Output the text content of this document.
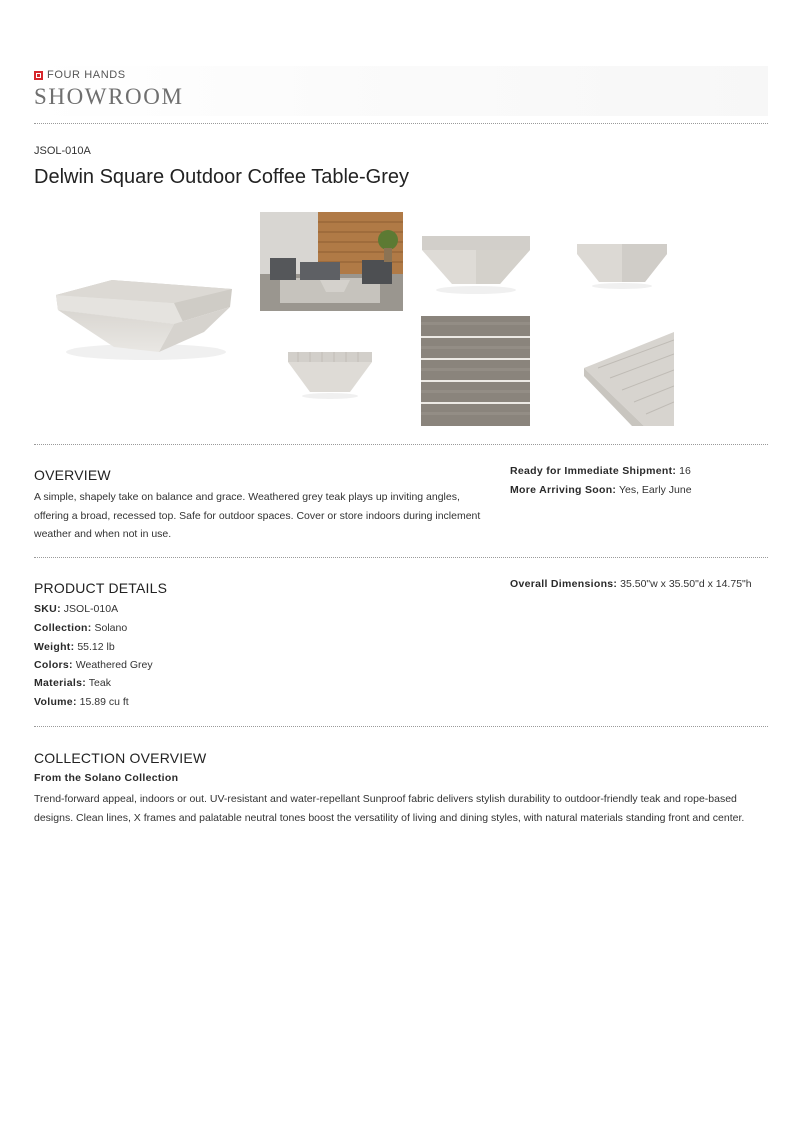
FOUR HANDS
SHOWROOM
JSOL-010A
Delwin Square Outdoor Coffee Table-Grey
OVERVIEW
A simple, shapely take on balance and grace. Weathered grey teak plays up inviting angles, offering a broad, recessed top. Safe for outdoor spaces. Cover or store indoors during inclement weather and when not in use.
Ready for Immediate Shipment: 16
More Arriving Soon: Yes, Early June
PRODUCT DETAILS
SKU: JSOL-010A
Collection: Solano
Weight: 55.12 lb
Colors: Weathered Grey
Materials: Teak
Volume: 15.89 cu ft
Overall Dimensions: 35.50"w x 35.50"d x 14.75"h
COLLECTION OVERVIEW
From the Solano Collection
Trend-forward appeal, indoors or out. UV-resistant and water-repellant Sunproof fabric delivers stylish durability to outdoor-friendly teak and rope-based designs. Clean lines, X frames and palatable neutral tones boost the versatility of living and dining styles, with natural materials standing front and center.
